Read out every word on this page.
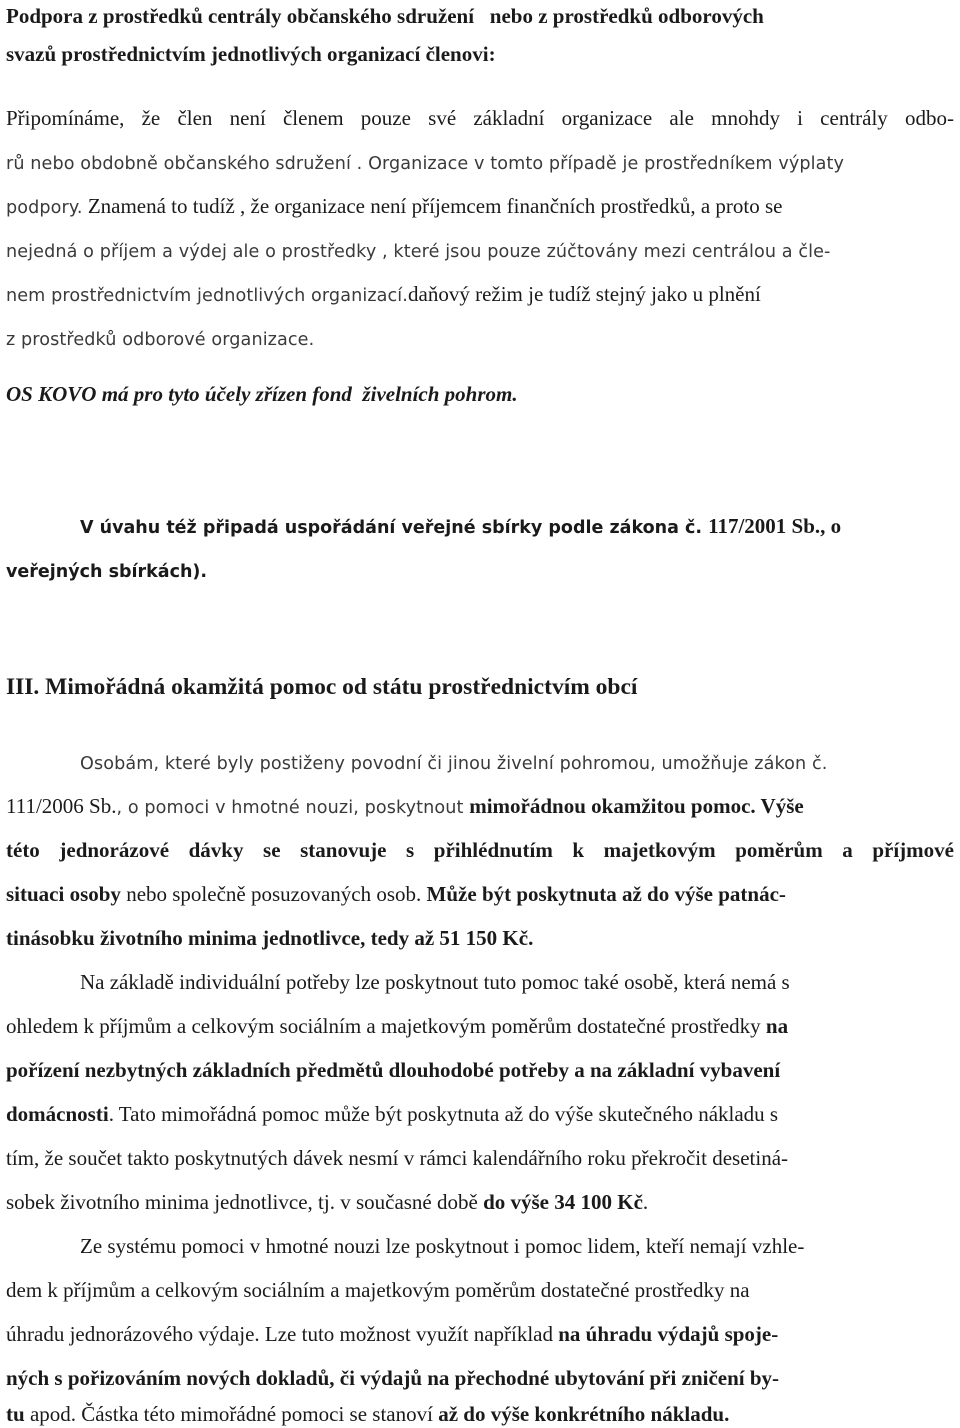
Podpora z prostředků centrály občanského sdružení   nebo z prostředků odborových
svazů prostřednictvím jednotlivých organizací členovi:
Připomínáme, že člen není členem pouze své základní organizace ale mnohdy i centrály odbo-
rů nebo obdobně občanského sdružení . Organizace v tomto případě je prostředníkem výplaty
podpory. Znamená to tudíž , že organizace není příjemcem finančních prostředků, a proto se
nejedná o příjem a výdej ale o prostředky , které jsou pouze zúčtovány mezi centrálou a čle-
nem prostřednictvím jednotlivých organizací.daňový režim je tudíž stejný jako u plnění
z prostředků odborové organizace.
OS KOVO má pro tyto účely zřízen fond  živelních pohrom.
V úvahu též připadá uspořádání veřejné sbírky podle zákona č. 117/2001 Sb., o
veřejných sbírkách).
III. Mimořádná okamžitá pomoc od státu prostřednictvím obcí
Osobám, které byly postiženy povodní či jinou živelní pohromou, umožňuje zákon č.
111/2006 Sb., o pomoci v hmotné nouzi, poskytnout mimořádnou okamžitou pomoc. Výše
této jednorázové dávky se stanovuje s přihlédnutím k majetkovým poměrům a příjmové
situaci osoby nebo společně posuzovaných osob. Může být poskytnuta až do výše patnác-
tinásobku životního minima jednotlivce, tedy až 51 150 Kč.
Na základě individuální potřeby lze poskytnout tuto pomoc také osobě, která nemá s
ohledem k příjmům a celkovým sociálním a majetkovým poměrům dostatečné prostředky na
pořízení nezbytných základních předmětů dlouhodobé potřeby a na základní vybavení
domácnosti. Tato mimořádná pomoc může být poskytnuta až do výše skutečného nákladu s
tím, že součet takto poskytnutých dávek nesmí v rámci kalendářního roku překročit desetiná-
sobek životního minima jednotlivce, tj. v současné době do výše 34 100 Kč.
Ze systému pomoci v hmotné nouzi lze poskytnout i pomoc lidem, kteří nemají vzhle-
dem k příjmům a celkovým sociálním a majetkovým poměrům dostatečné prostředky na
úhradu jednorázového výdaje. Lze tuto možnost využít například na úhradu výdajů spoje-
ných s pořizováním nových dokladů, či výdajů na přechodné ubytování při zničení by-
tu apod. Částka této mimořádné pomoci se stanoví až do výše konkrétního nákladu.
